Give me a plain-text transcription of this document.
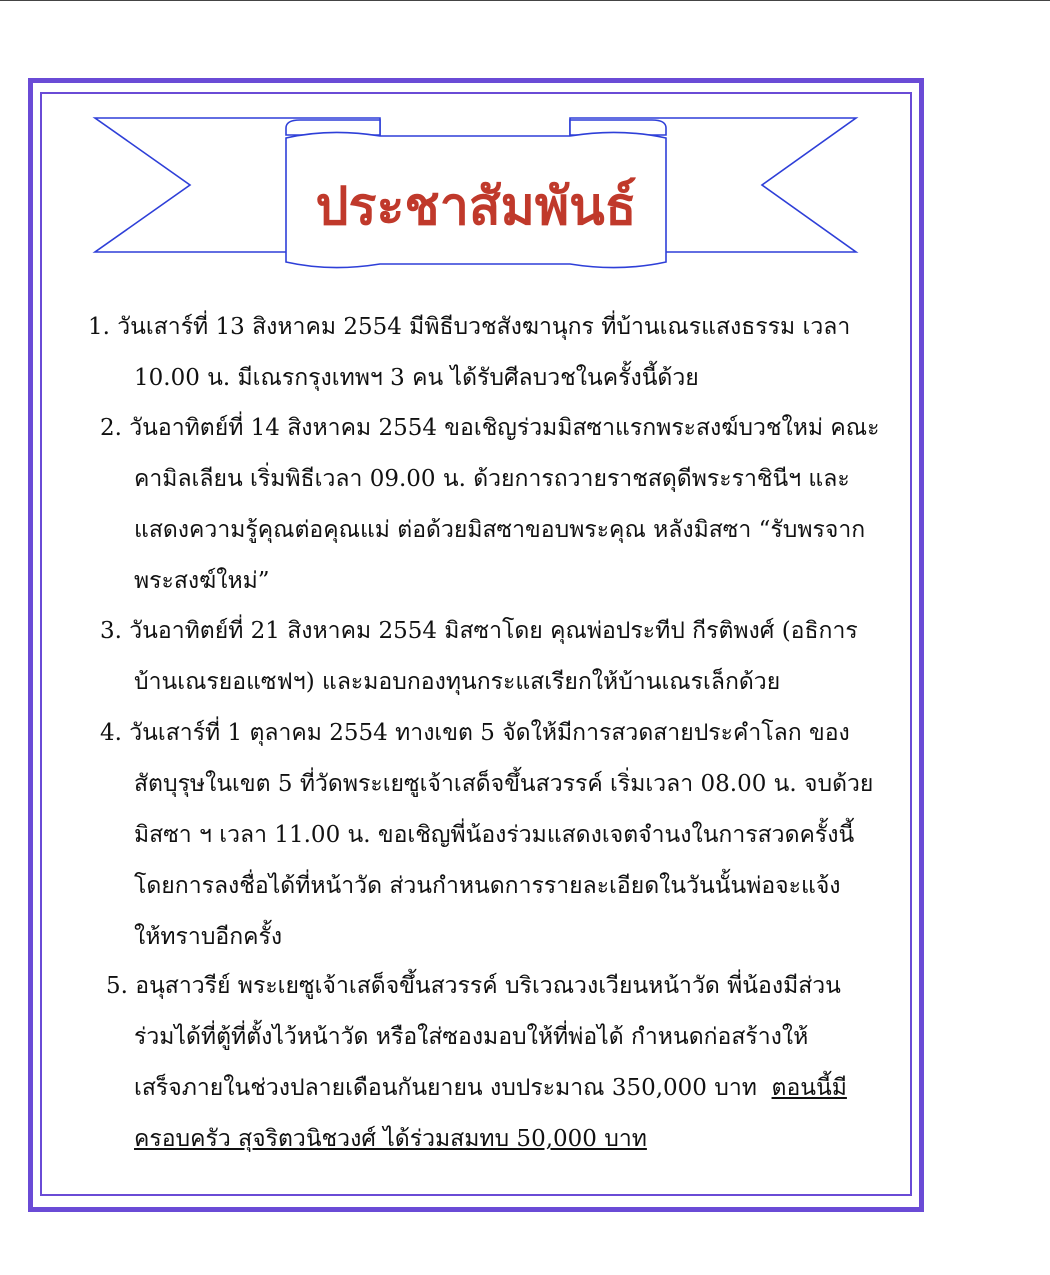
ประชาสัมพันธ์
1. วันเสาร์ที่ 13 สิงหาคม 2554 มีพิธีบวชสังฆานุกร ที่บ้านเณรแสงธรรม เวลา
10.00 น. มีเณรกรุงเทพฯ 3 คน ได้รับศีลบวชในครั้งนี้ด้วย
2. วันอาทิตย์ที่ 14 สิงหาคม 2554 ขอเชิญร่วมมิสซาแรกพระสงฆ์บวชใหม่ คณะ
คามิลเลียน เริ่มพิธีเวลา 09.00 น. ด้วยการถวายราชสดุดีพระราชินีฯ และ
แสดงความรู้คุณต่อคุณแม่ ต่อด้วยมิสซาขอบพระคุณ หลังมิสซา “รับพรจาก
พระสงฆ์ใหม่”
3. วันอาทิตย์ที่ 21 สิงหาคม 2554 มิสซาโดย คุณพ่อประทีป กีรติพงศ์ (อธิการ
บ้านเณรยอแซฟฯ) และมอบกองทุนกระแสเรียกให้บ้านเณรเล็กด้วย
4. วันเสาร์ที่ 1 ตุลาคม 2554 ทางเขต 5 จัดให้มีการสวดสายประคำโลก ของ
สัตบุรุษในเขต 5 ที่วัดพระเยซูเจ้าเสด็จขึ้นสวรรค์ เริ่มเวลา 08.00 น. จบด้วย
มิสซา ฯ เวลา 11.00 น. ขอเชิญพี่น้องร่วมแสดงเจตจำนงในการสวดครั้งนี้
โดยการลงชื่อได้ที่หน้าวัด ส่วนกำหนดการรายละเอียดในวันนั้นพ่อจะแจ้ง
ให้ทราบอีกครั้ง
5. อนุสาวรีย์ พระเยซูเจ้าเสด็จขึ้นสวรรค์ บริเวณวงเวียนหน้าวัด พี่น้องมีส่วน
ร่วมได้ที่ตู้ที่ตั้งไว้หน้าวัด หรือใส่ซองมอบให้ที่พ่อได้ กำหนดก่อสร้างให้
เสร็จภายในช่วงปลายเดือนกันยายน งบประมาณ 350,000 บาท ตอนนี้มี
ครอบครัว สุจริตวนิชวงศ์ ได้ร่วมสมทบ 50,000 บาท
